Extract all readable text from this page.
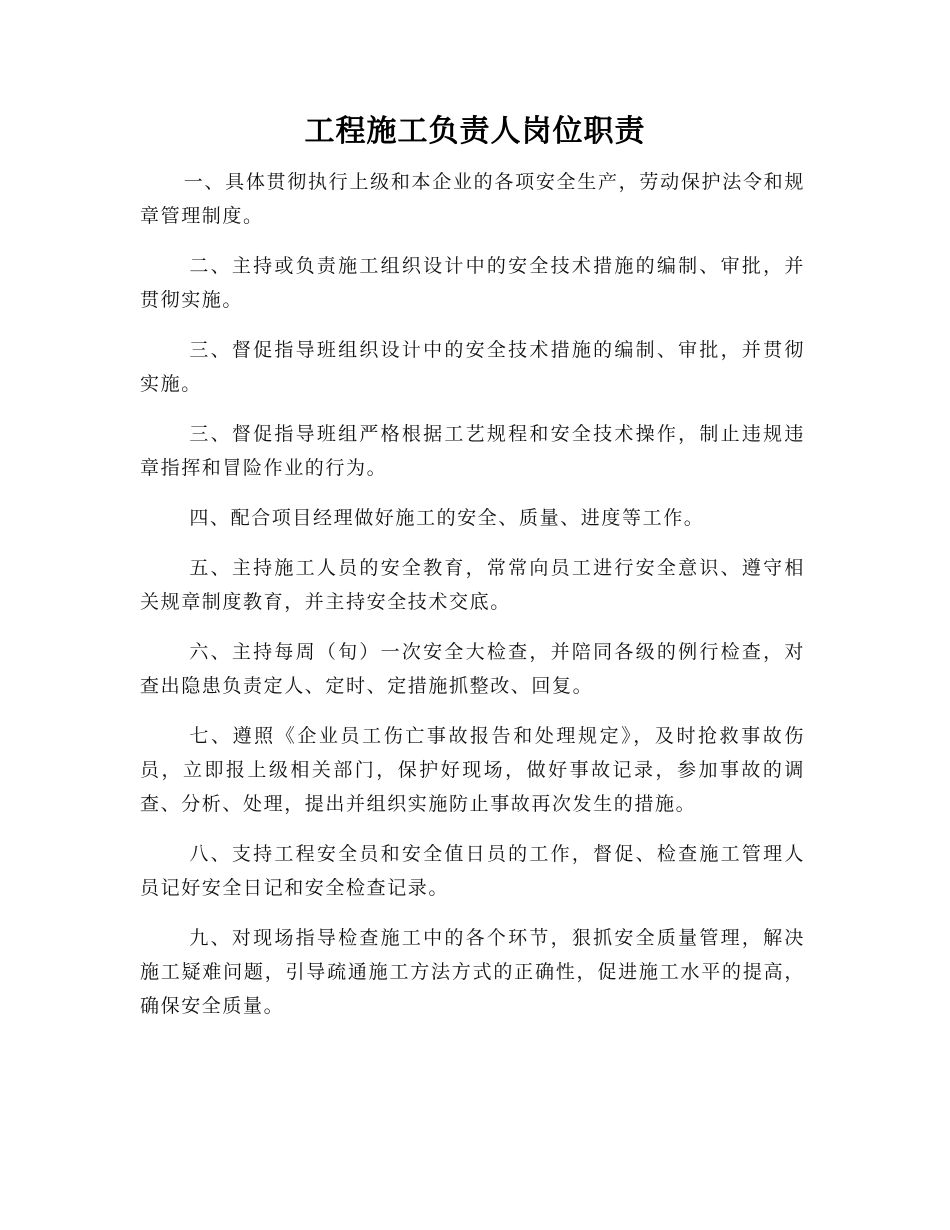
工程施工负责人岗位职责

一、具体贯彻执行上级和本企业的各项安全生产，劳动保护法令和规章管理制度。

二、主持或负责施工组织设计中的安全技术措施的编制、审批，并贯彻实施。

三、督促指导班组织设计中的安全技术措施的编制、审批，并贯彻实施。

三、督促指导班组严格根据工艺规程和安全技术操作，制止违规违章指挥和冒险作业的行为。

四、配合项目经理做好施工的安全、质量、进度等工作。

五、主持施工人员的安全教育，常常向员工进行安全意识、遵守相关规章制度教育，并主持安全技术交底。

六、主持每周（旬）一次安全大检查，并陪同各级的例行检查，对查出隐患负责定人、定时、定措施抓整改、回复。

七、遵照《企业员工伤亡事故报告和处理规定》，及时抢救事故伤员，立即报上级相关部门，保护好现场，做好事故记录，参加事故的调查、分析、处理，提出并组织实施防止事故再次发生的措施。

八、支持工程安全员和安全值日员的工作，督促、检查施工管理人员记好安全日记和安全检查记录。

九、对现场指导检查施工中的各个环节，狠抓安全质量管理，解决施工疑难问题，引导疏通施工方法方式的正确性，促进施工水平的提高，确保安全质量。
